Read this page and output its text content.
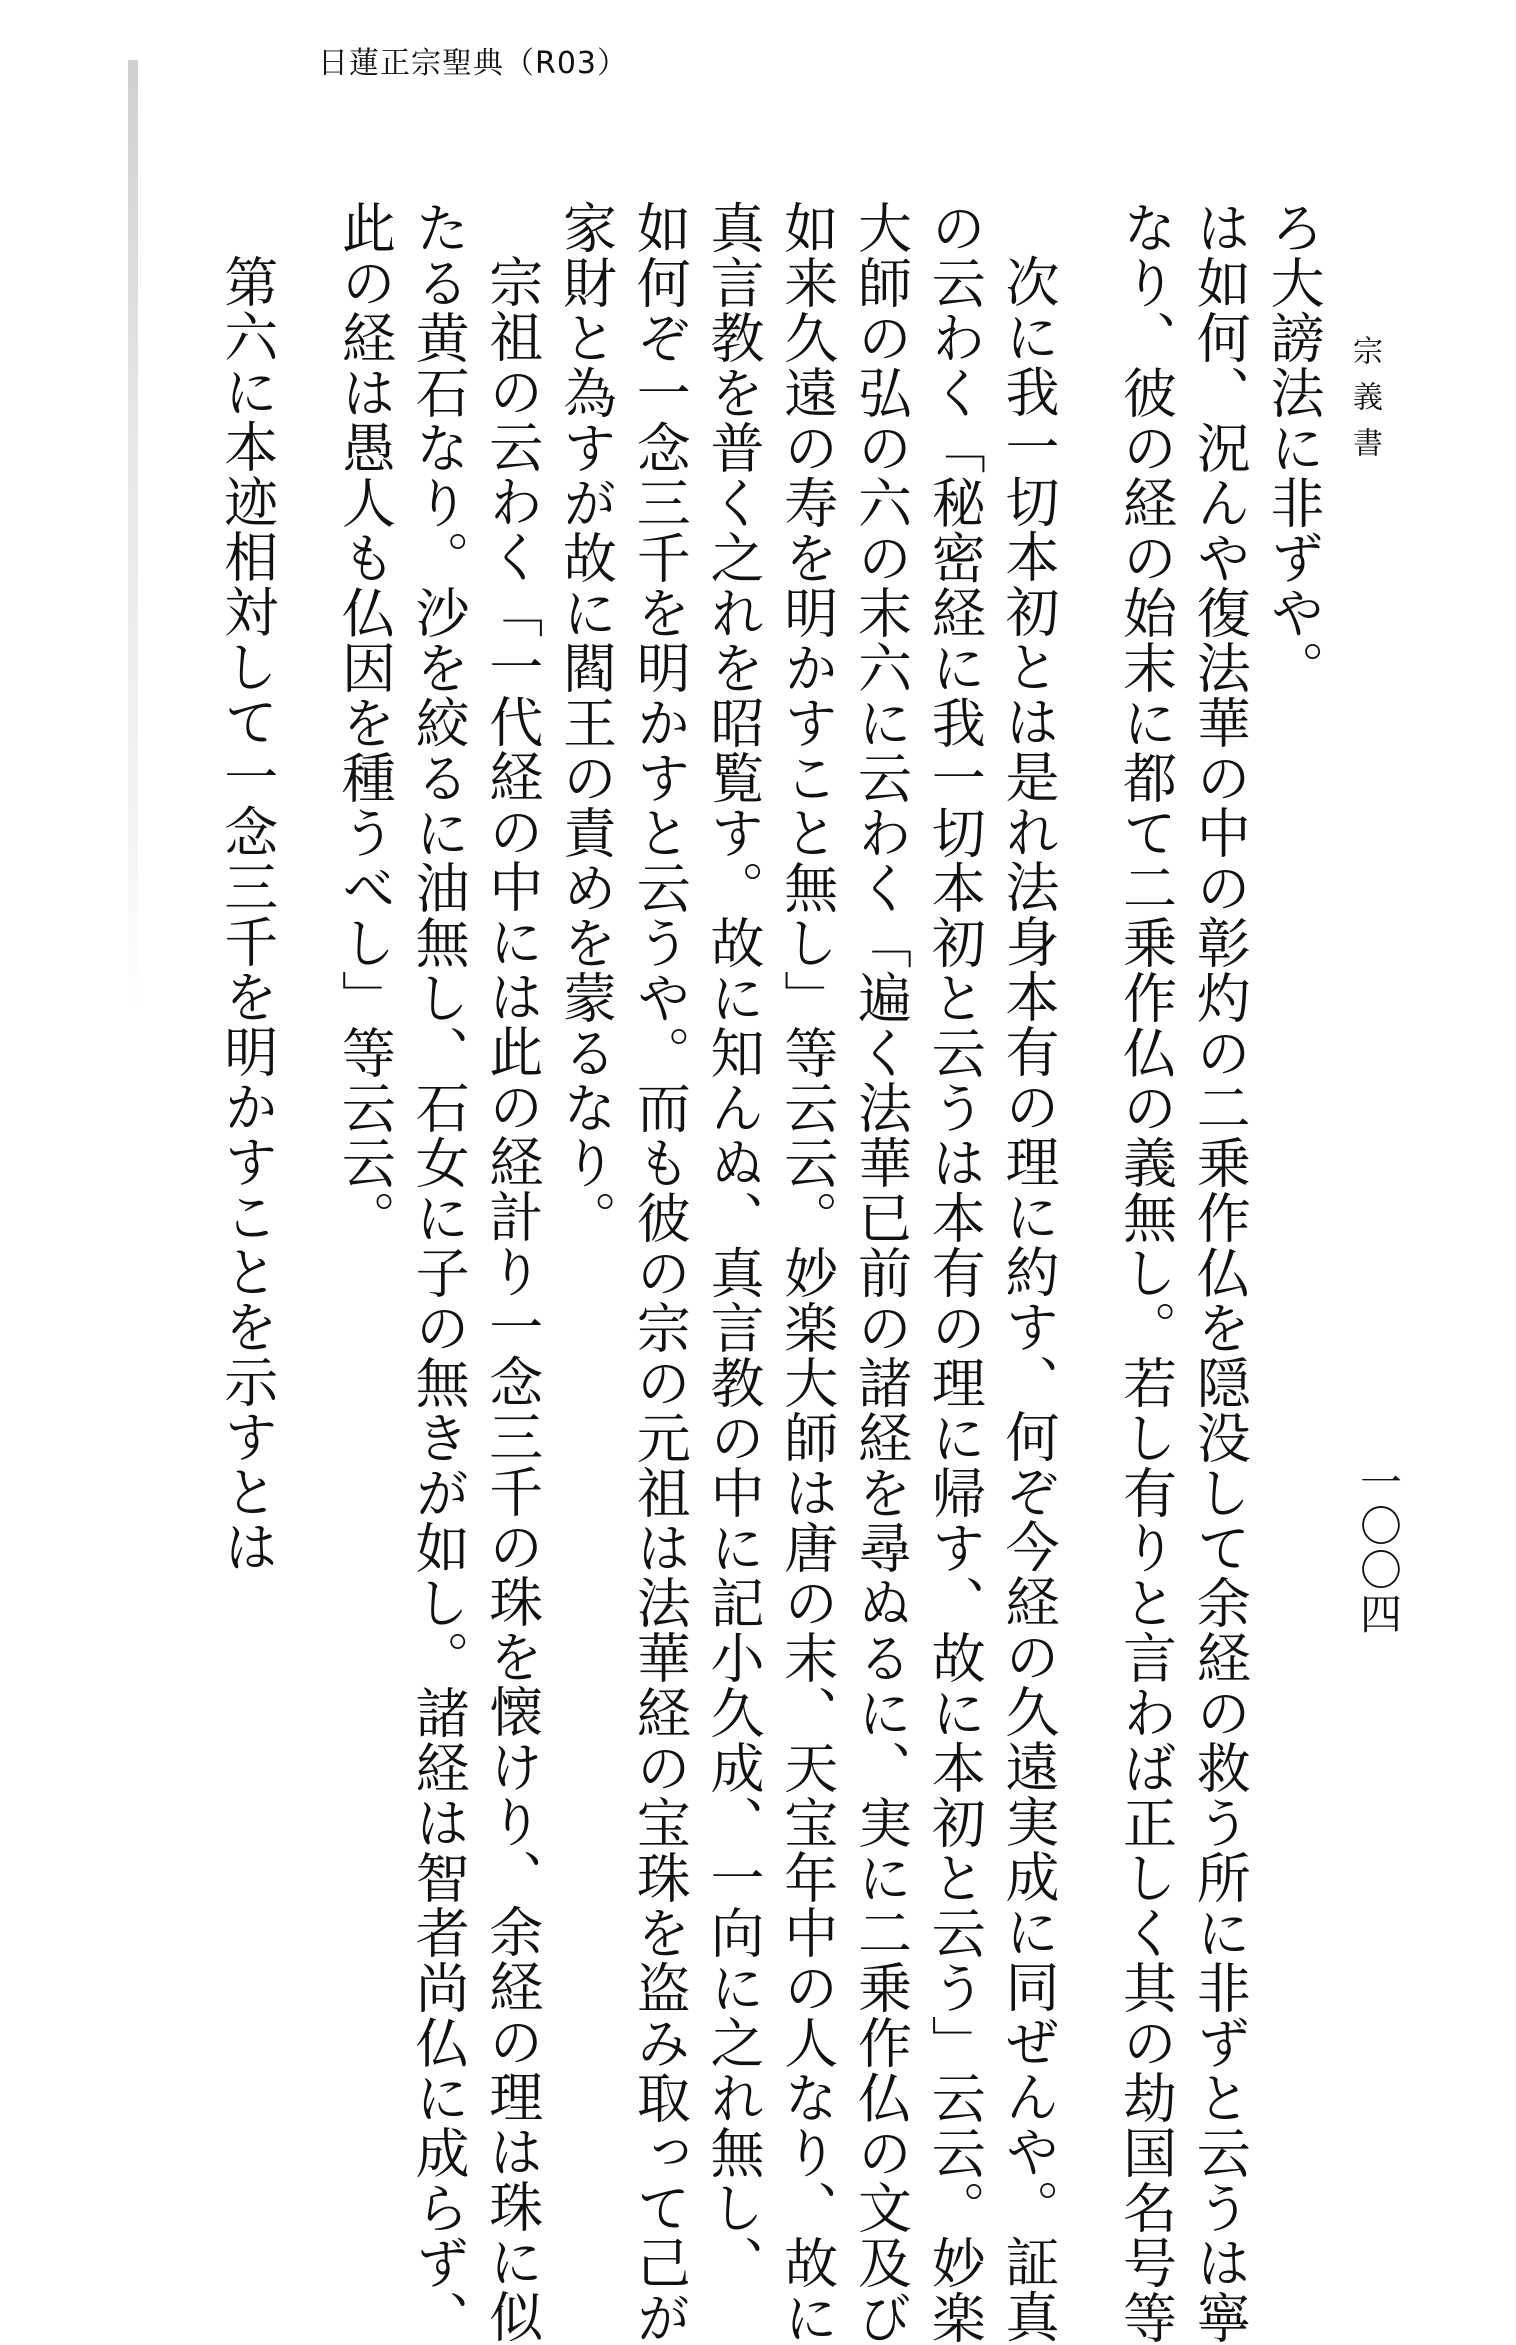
日蓮正宗聖典（R03）
宗義書
一〇〇四
ろ大謗法に非ずや。
は如何、況んや復法華の中の彰灼の二乗作仏を隠没して余経の救う所に非ずと云うは寧
なり、彼の経の始末に都て二乗作仏の義無し。若し有りと言わば正しく其の劫国名号等
次に我一切本初とは是れ法身本有の理に約す、何ぞ今経の久遠実成に同ぜんや。証真
の云わく「秘密経に我一切本初と云うは本有の理に帰す、故に本初と云う」云云。妙楽
大師の弘の六の末六に云わく「遍く法華已前の諸経を尋ぬるに、実に二乗作仏の文及び
如来久遠の寿を明かすこと無し」等云云。妙楽大師は唐の末、天宝年中の人なり、故に
真言教を普く之れを昭覧す。故に知んぬ、真言教の中に記小久成、一向に之れ無し、
如何ぞ一念三千を明かすと云うや。而も彼の宗の元祖は法華経の宝珠を盗み取って己が
家財と為すが故に閻王の責めを蒙るなり。
宗祖の云わく「一代経の中には此の経計り一念三千の珠を懐けり、余経の理は珠に似
たる黄石なり。沙を絞るに油無し、石女に子の無きが如し。諸経は智者尚仏に成らず、
此の経は愚人も仏因を種うべし」等云云。
第六に本迹相対して一念三千を明かすことを示すとは
